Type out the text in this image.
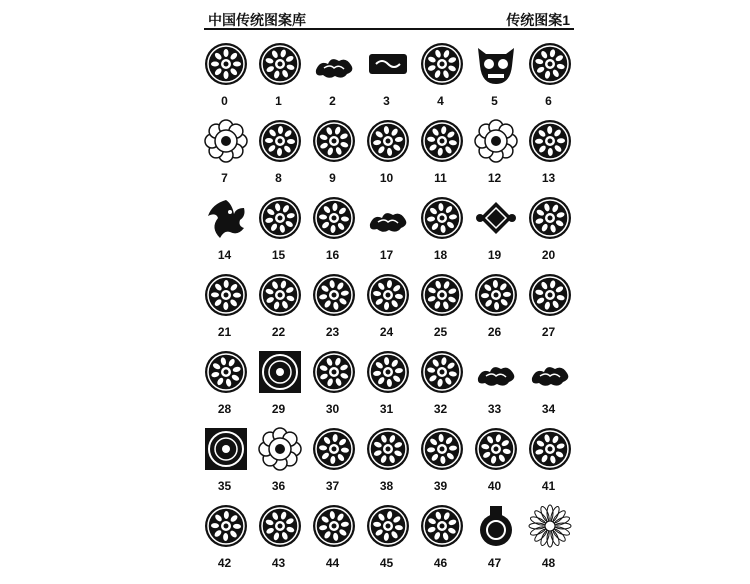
中国传统图案库	传统图案1
0	1	2	3	4	5	6
7	8	9	10	11	12	13
14	15	16	17	18	19	20
21	22	23	24	25	26	27
28	29	30	31	32	33	34
35	36	37	38	39	40	41
42	43	44	45	46	47	48
